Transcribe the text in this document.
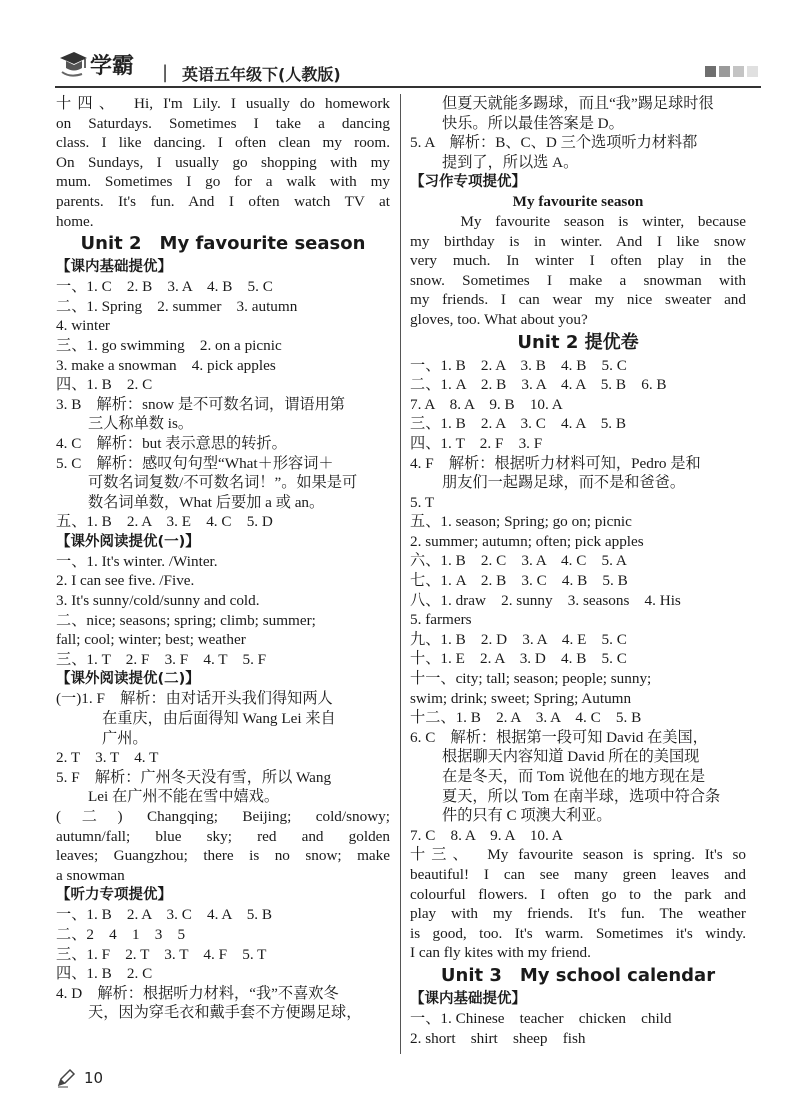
学霸 | 英语五年级下(人教版)
十四、　Hi, I'm Lily. I usually do homework
on Saturdays. Sometimes I take a dancing
class. I like dancing. I often clean my room.
On Sundays, I usually go shopping with my
mum. Sometimes I go for a walk with my
parents. It's fun. And I often watch TV at
home.
Unit 2　My favourite season
【课内基础提优】
一、1. C　2. B　3. A　4. B　5. C
二、1. Spring　2. summer　3. autumn
4. winter
三、1. go swimming　2. on a picnic
3. make a snowman　4. pick apples
四、1. B　2. C
3. B　解析：snow 是不可数名词，谓语用第
三人称单数 is。
4. C　解析：but 表示意思的转折。
5. C　解析：感叹句句型“What＋形容词＋
可数名词复数/不可数名词！”。如果是可
数名词单数，What 后要加 a 或 an。
五、1. B　2. A　3. E　4. C　5. D
【课外阅读提优(一)】
一、1. It's winter. /Winter.
2. I can see five. /Five.
3. It's sunny/cold/sunny and cold.
二、nice; seasons; spring; climb; summer;
fall; cool; winter; best; weather
三、1. T　2. F　3. F　4. T　5. F
【课外阅读提优(二)】
(一)1. F　解析：由对话开头我们得知两人
在重庆，由后面得知 Wang Lei 来自
广州。
2. T　3. T　4. T
5. F　解析：广州冬天没有雪，所以 Wang
Lei 在广州不能在雪中嬉戏。
(二) Changqing; Beijing; cold/snowy;
autumn/fall; blue sky; red and golden
leaves; Guangzhou; there is no snow; make
a snowman
【听力专项提优】
一、1. B　2. A　3. C　4. A　5. B
二、2　4　1　3　5
三、1. F　2. T　3. T　4. F　5. T
四、1. B　2. C
4. D　解析：根据听力材料，“我”不喜欢冬
天，因为穿毛衣和戴手套不方便踢足球，
但夏天就能多踢球，而且“我”踢足球时很
快乐。所以最佳答案是 D。
5. A　解析：B、C、D 三个选项听力材料都
提到了，所以选 A。
【习作专项提优】
My favourite season
　　My favourite season is winter, because
my birthday is in winter. And I like snow
very much. In winter I often play in the
snow. Sometimes I make a snowman with
my friends. I can wear my nice sweater and
gloves, too. What about you?
Unit 2 提优卷
一、1. B　2. A　3. B　4. B　5. C
二、1. A　2. B　3. A　4. A　5. B　6. B
7. A　8. A　9. B　10. A
三、1. B　2. A　3. C　4. A　5. B
四、1. T　2. F　3. F
4. F　解析：根据听力材料可知，Pedro 是和
朋友们一起踢足球，而不是和爸爸。
5. T
五、1. season; Spring; go on; picnic
2. summer; autumn; often; pick apples
六、1. B　2. C　3. A　4. C　5. A
七、1. A　2. B　3. C　4. B　5. B
八、1. draw　2. sunny　3. seasons　4. His
5. farmers
九、1. B　2. D　3. A　4. E　5. C
十、1. E　2. A　3. D　4. B　5. C
十一、city; tall; season; people; sunny;
swim; drink; sweet; Spring; Autumn
十二、1. B　2. A　3. A　4. C　5. B
6. C　解析：根据第一段可知 David 在美国，
根据聊天内容知道 David 所在的美国现
在是冬天，而 Tom 说他在的地方现在是
夏天，所以 Tom 在南半球，选项中符合条
件的只有 C 项澳大利亚。
7. C　8. A　9. A　10. A
十三、　My favourite season is spring. It's so
beautiful! I can see many green leaves and
colourful flowers. I often go to the park and
play with my friends. It's fun. The weather
is good, too. It's warm. Sometimes it's windy.
I can fly kites with my friend.
Unit 3　My school calendar
【课内基础提优】
一、1. Chinese　teacher　chicken　child
2. short　shirt　sheep　fish
10
